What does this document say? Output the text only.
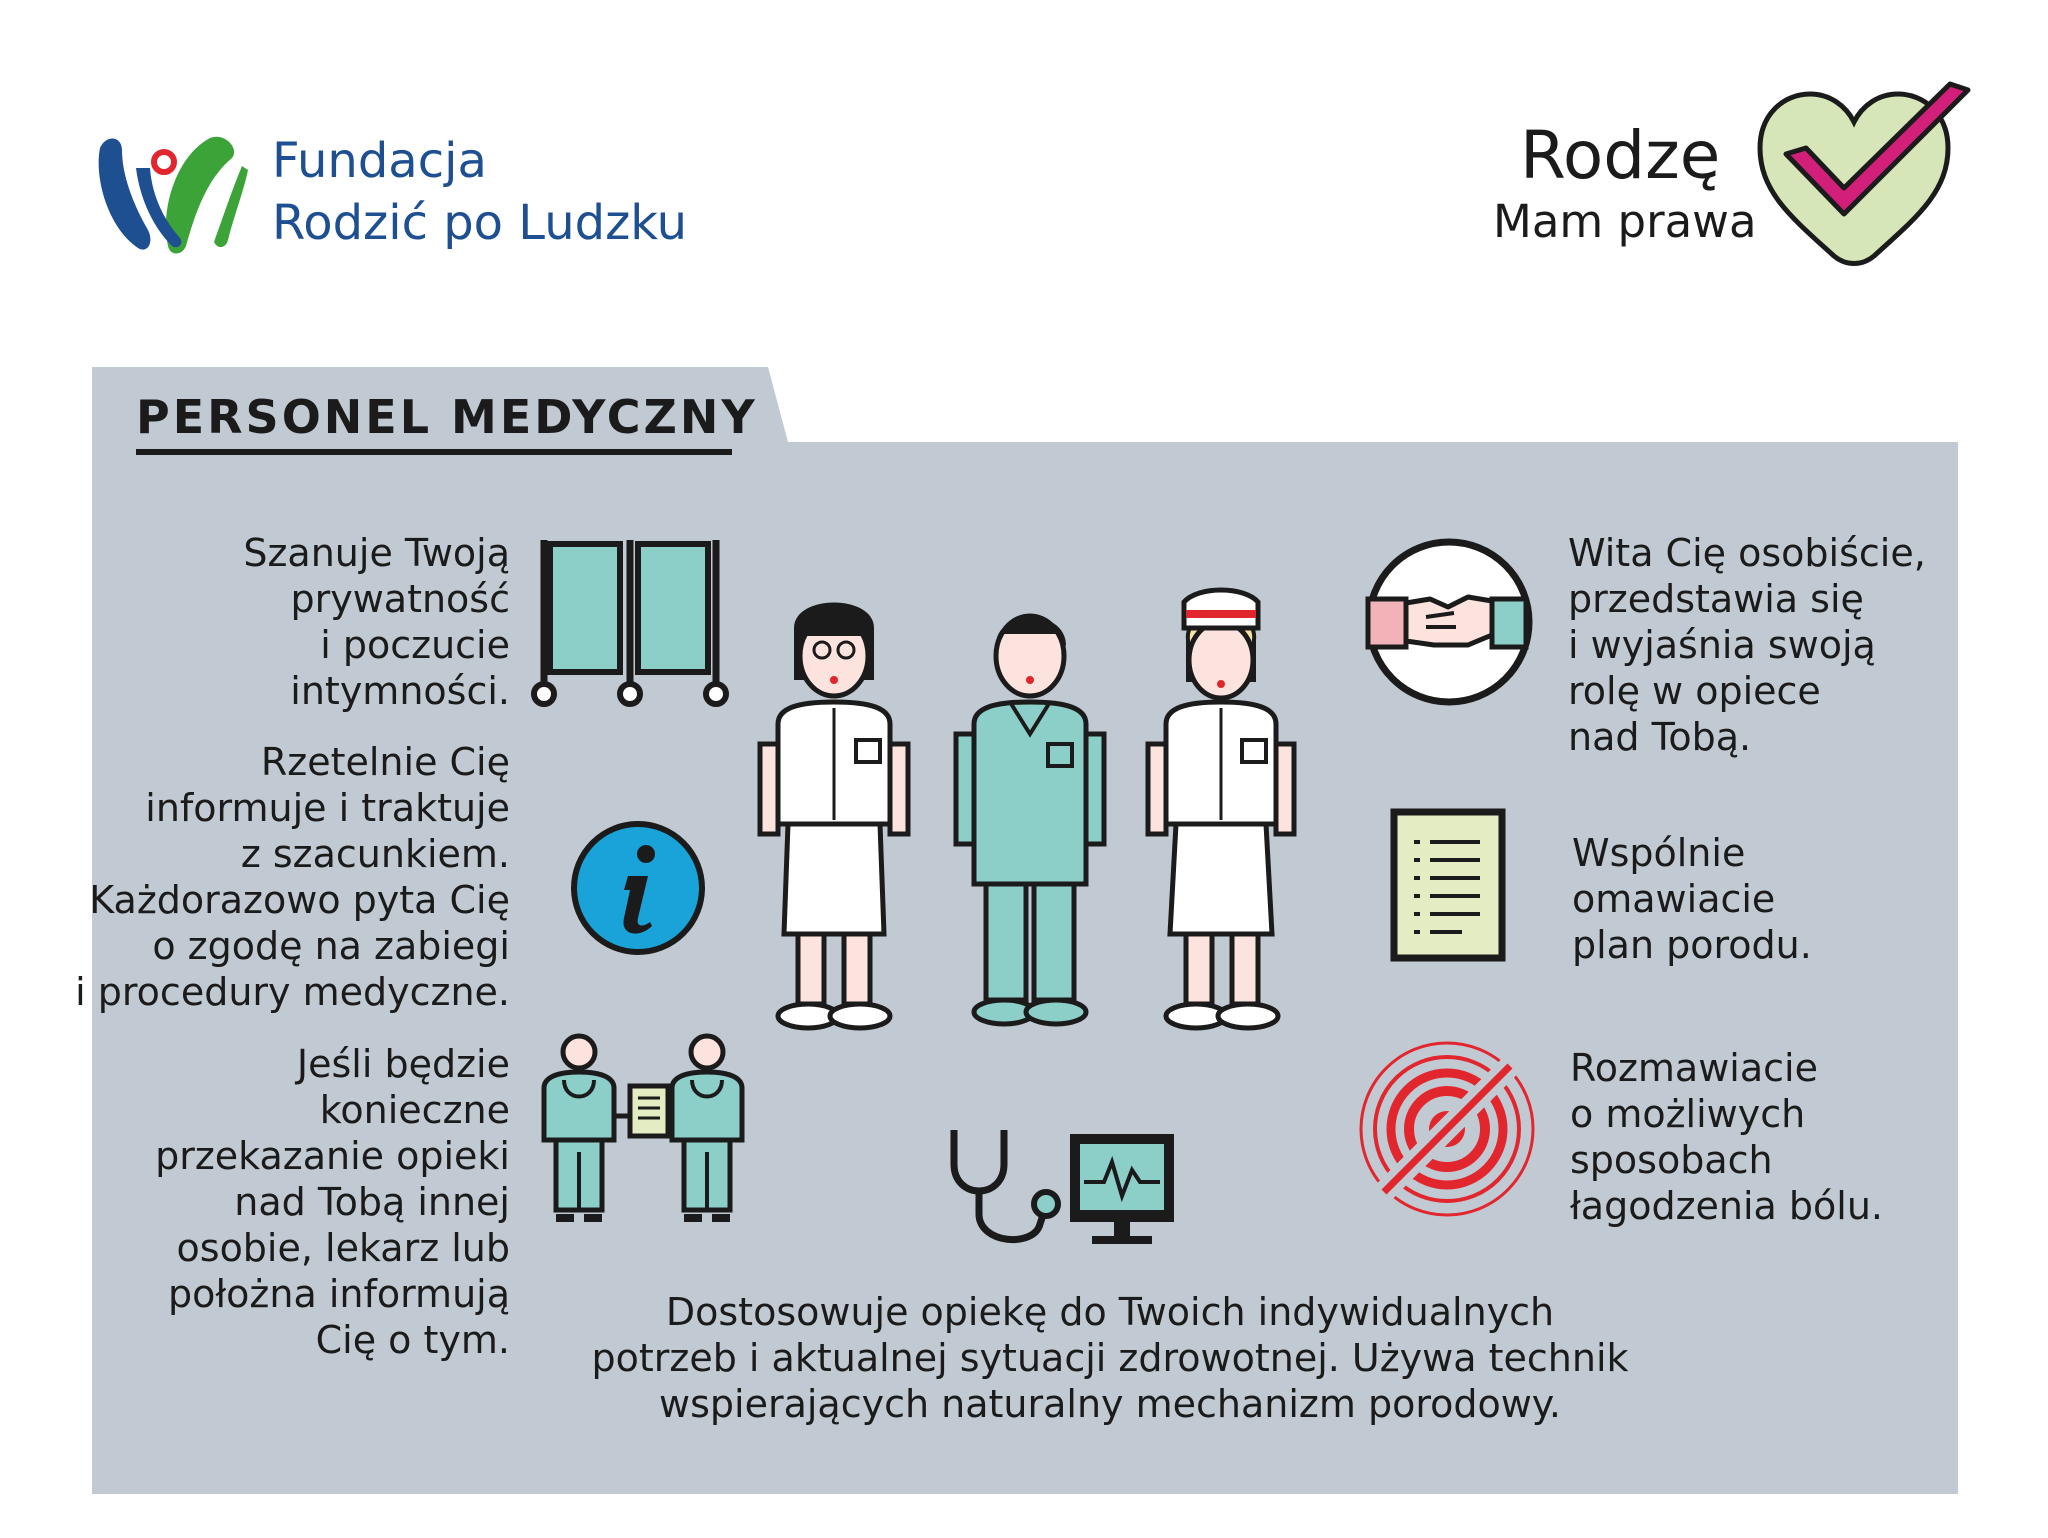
Fundacja
Rodzić po Ludzku
Rodzę
Mam prawa
PERSONEL MEDYCZNY
Szanuje Twoją
prywatność
i poczucie
intymności.
Rzetelnie Cię
informuje i traktuje
z szacunkiem.
Każdorazowo pyta Cię
o zgodę na zabiegi
i procedury medyczne.
Jeśli będzie
konieczne
przekazanie opieki
nad Tobą innej
osobie, lekarz lub
położna informują
Cię o tym.
Wita Cię osobiście,
przedstawia się
i wyjaśnia swoją
rolę w opiece
nad Tobą.
Wspólnie
omawiacie
plan porodu.
Rozmawiacie
o możliwych
sposobach
łagodzenia bólu.
Dostosowuje opiekę do Twoich indywidualnych
potrzeb i aktualnej sytuacji zdrowotnej. Używa technik
wspierających naturalny mechanizm porodowy.
